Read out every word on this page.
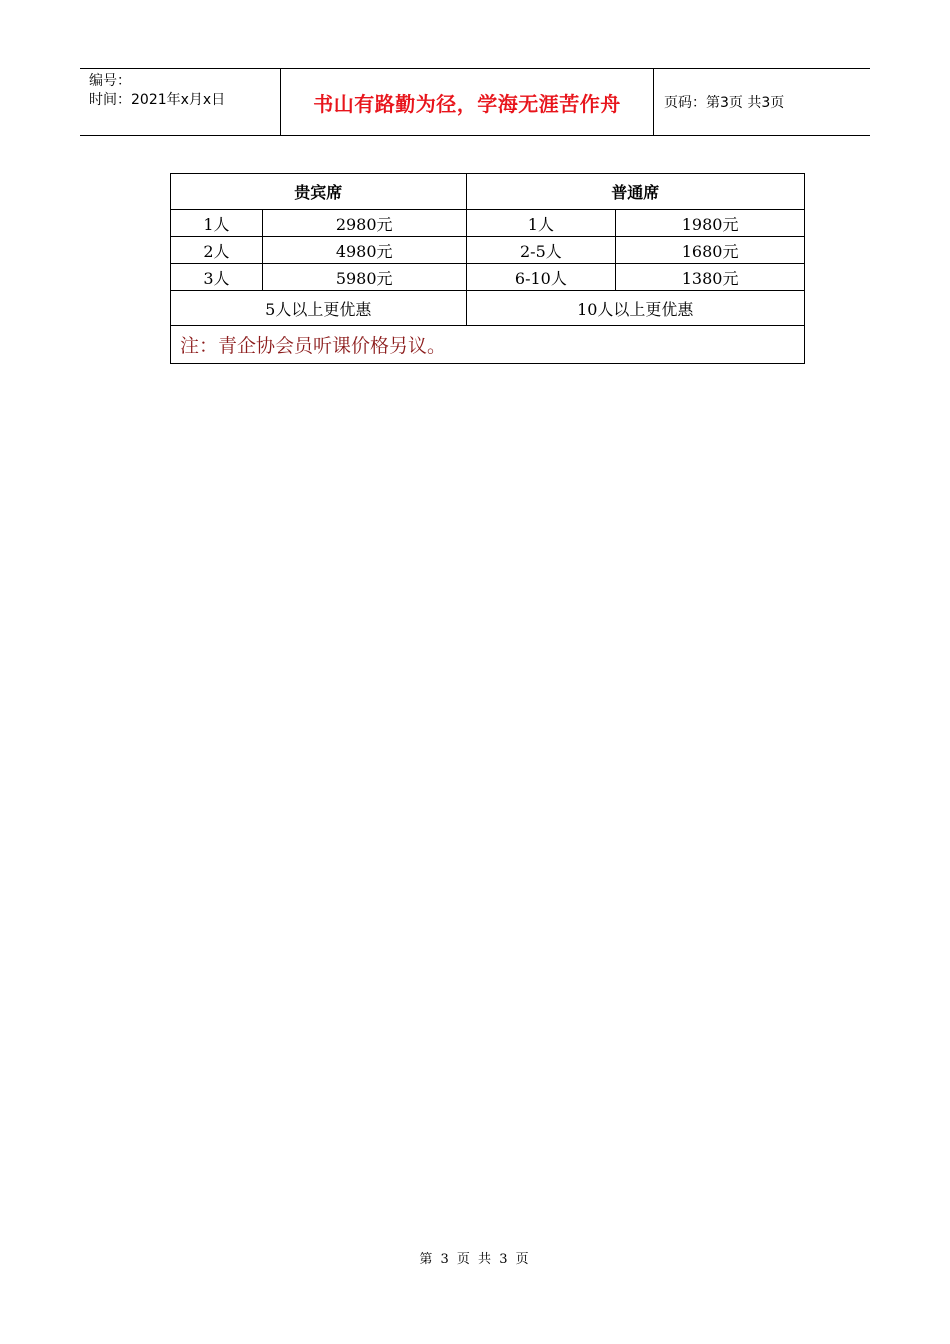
编号：
时间：2021年x月x日	书山有路勤为径，学海无涯苦作舟	页码：第3页 共3页
贵宾席		普通席	
1人	2980元	1人	1980元
2人	4980元	2-5人	1680元
3人	5980元	6-10人	1380元
5人以上更优惠		10人以上更优惠	
注：青企协会员听课价格另议。			
第 3 页 共 3 页
